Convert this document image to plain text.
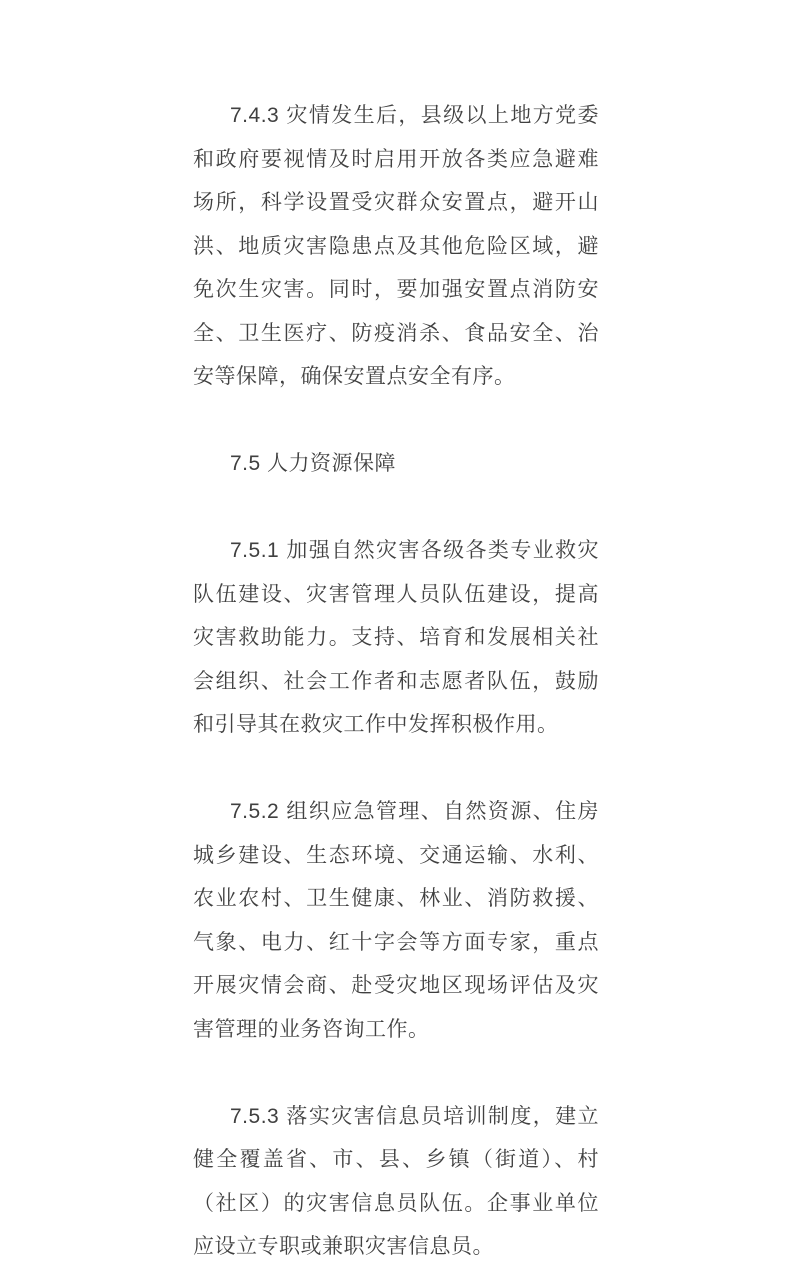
7.4.3 灾情发生后，县级以上地方党委和政府要视情及时启用开放各类应急避难场所，科学设置受灾群众安置点，避开山洪、地质灾害隐患点及其他危险区域，避免次生灾害。同时，要加强安置点消防安全、卫生医疗、防疫消杀、食品安全、治安等保障，确保安置点安全有序。

7.5 人力资源保障

7.5.1 加强自然灾害各级各类专业救灾队伍建设、灾害管理人员队伍建设，提高灾害救助能力。支持、培育和发展相关社会组织、社会工作者和志愿者队伍，鼓励和引导其在救灾工作中发挥积极作用。

7.5.2 组织应急管理、自然资源、住房城乡建设、生态环境、交通运输、水利、农业农村、卫生健康、林业、消防救援、气象、电力、红十字会等方面专家，重点开展灾情会商、赴受灾地区现场评估及灾害管理的业务咨询工作。

7.5.3 落实灾害信息员培训制度，建立健全覆盖省、市、县、乡镇（街道）、村（社区）的灾害信息员队伍。企事业单位应设立专职或兼职灾害信息员。
